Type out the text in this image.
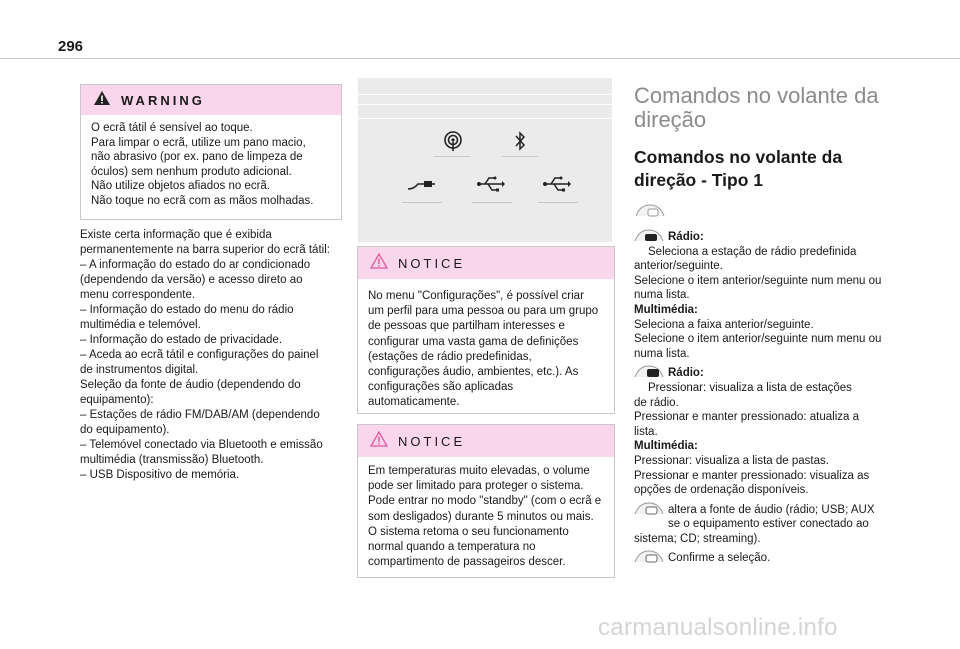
296
WARNING
O ecrã tátil é sensível ao toque.
Para limpar o ecrã, utilize um pano macio,
não abrasivo (por ex. pano de limpeza de
óculos) sem nenhum produto adicional.
Não utilize objetos afiados no ecrã.
Não toque no ecrã com as mãos molhadas.
Existe certa informação que é exibida
permanentemente na barra superior do ecrã tátil:
– A informação do estado do ar condicionado
(dependendo da versão) e acesso direto ao
menu correspondente.
– Informação do estado do menu do rádio
multimédia e telemóvel.
– Informação do estado de privacidade.
– Aceda ao ecrã tátil e configurações do painel
de instrumentos digital.
Seleção da fonte de áudio (dependendo do
equipamento):
– Estações de rádio FM/DAB/AM (dependendo
do equipamento).
– Telemóvel conectado via Bluetooth e emissão
multimédia (transmissão) Bluetooth.
– USB Dispositivo de memória.
NOTICE
No menu "Configurações", é possível criar
um perfil para uma pessoa ou para um grupo
de pessoas que partilham interesses e
configurar uma vasta gama de definições
(estações de rádio predefinidas,
configurações áudio, ambientes, etc.). As
configurações são aplicadas
automaticamente.
NOTICE
Em temperaturas muito elevadas, o volume
pode ser limitado para proteger o sistema.
Pode entrar no modo "standby" (com o ecrã e
som desligados) durante 5 minutos ou mais.
O sistema retoma o seu funcionamento
normal quando a temperatura no
compartimento de passageiros descer.
Comandos no volante da direção
Comandos no volante da direção - Tipo 1
Rádio:
Seleciona a estação de rádio predefinida
anterior/seguinte.
Selecione o item anterior/seguinte num menu ou
numa lista.
Multimédia:
Seleciona a faixa anterior/seguinte.
Selecione o item anterior/seguinte num menu ou
numa lista.
Rádio:
Pressionar: visualiza a lista de estações
de rádio.
Pressionar e manter pressionado: atualiza a
lista.
Multimédia:
Pressionar: visualiza a lista de pastas.
Pressionar e manter pressionado: visualiza as
opções de ordenação disponíveis.
altera a fonte de áudio (rádio; USB; AUX
se o equipamento estiver conectado ao
sistema; CD; streaming).
Confirme a seleção.
carmanualsonline.info
